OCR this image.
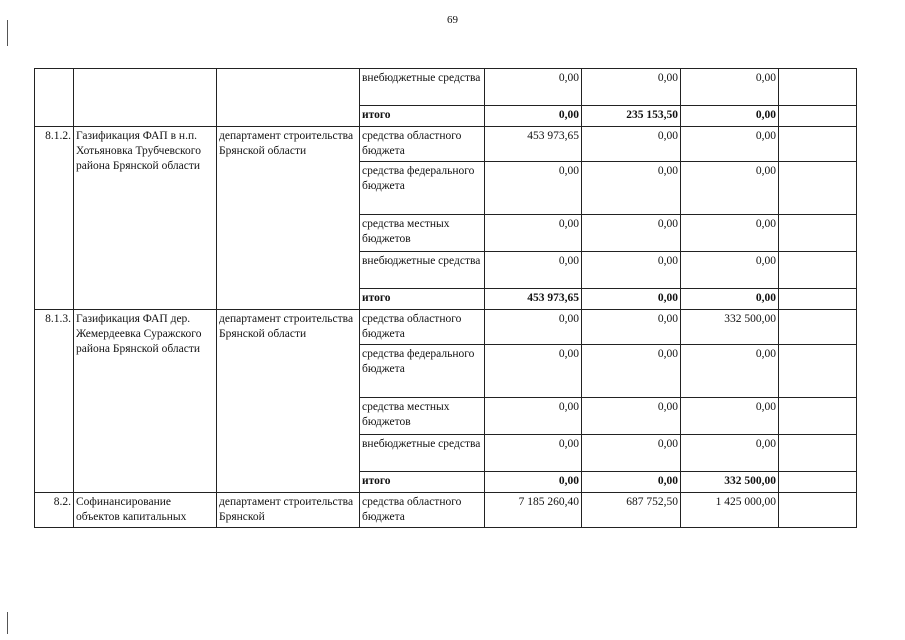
69
			внебюджетные средства	0,00	0,00	0,00	
			итого	0,00	235 153,50	0,00	
8.1.2.	Газификация ФАП в н.п. Хотьяновка Трубчевского района Брянской области	департамент строительства Брянской области	средства областного бюджета	453 973,65	0,00	0,00	
			средства федерального бюджета	0,00	0,00	0,00	
			средства местных бюджетов	0,00	0,00	0,00	
			внебюджетные средства	0,00	0,00	0,00	
			итого	453 973,65	0,00	0,00	
8.1.3.	Газификация ФАП дер. Жемердеевка Суражского района Брянской области	департамент строительства Брянской области	средства областного бюджета	0,00	0,00	332 500,00	
			средства федерального бюджета	0,00	0,00	0,00	
			средства местных бюджетов	0,00	0,00	0,00	
			внебюджетные средства	0,00	0,00	0,00	
			итого	0,00	0,00	332 500,00	
8.2.	Софинансирование объектов капитальных	департамент строительства Брянской	средства областного бюджета	7 185 260,40	687 752,50	1 425 000,00	
